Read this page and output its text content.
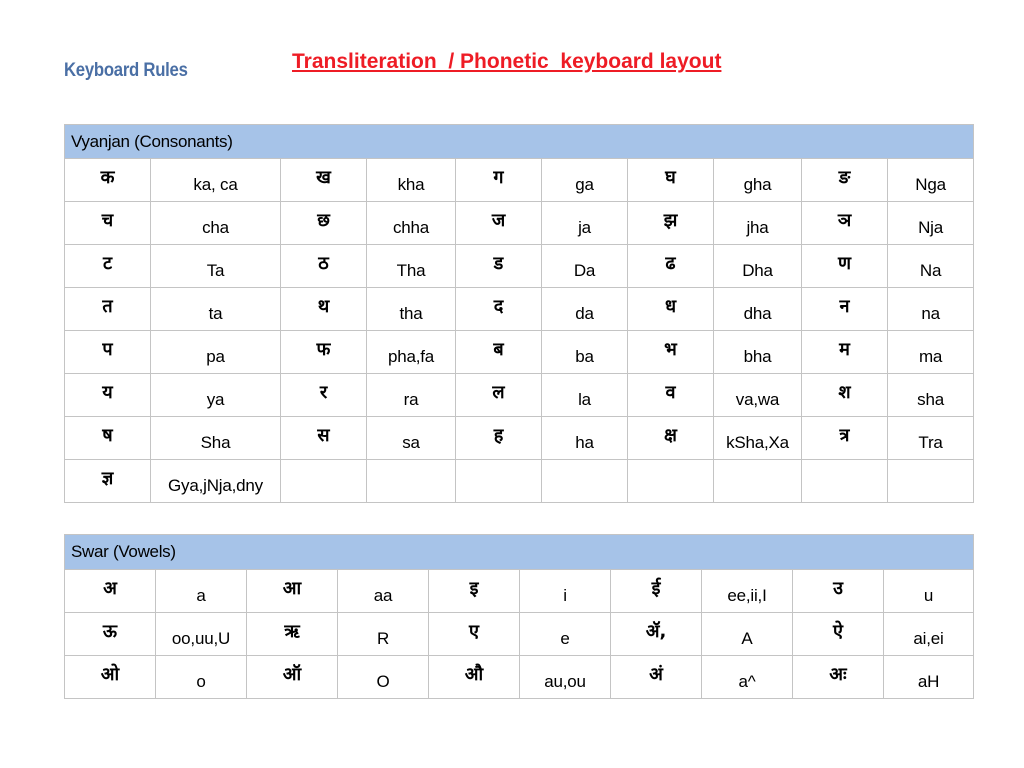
Keyboard Rules	Transliteration  / Phonetic  keyboard layout
Vyanjan (Consonants)									
क	ka, ca	ख	kha	ग	ga	घ	gha	ङ	Nga
च	cha	छ	chha	ज	ja	झ	jha	ञ	Nja
ट	Ta	ठ	Tha	ड	Da	ढ	Dha	ण	Na
त	ta	थ	tha	द	da	ध	dha	न	na
प	pa	फ	pha,fa	ब	ba	भ	bha	म	ma
य	ya	र	ra	ल	la	व	va,wa	श	sha
ष	Sha	स	sa	ह	ha	क्ष	kSha,Xa	त्र	Tra
ज्ञ	Gya,jNja,dny								
Swar (Vowels)									
अ	a	आ	aa	इ	i	ई	ee,ii,I	उ	u
ऊ	oo,uu,U	ऋ	R	ए	e	ॲ,	A	ऐ	ai,ei
ओ	o	ऑ	O	औ	au,ou	अं	a^	अः	aH
